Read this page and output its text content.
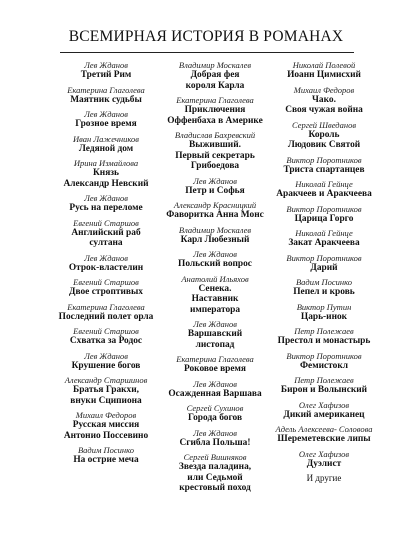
ВСЕМИРНАЯ ИСТОРИЯ В РОМАНАХ
Лев Жданов
Третий Рим
Екатерина Глаголева
Маятник судьбы
Лев Жданов
Грозное время
Иван Лажечников
Ледяной дом
Ирина Измайлова
Князь
Александр Невский
Лев Жданов
Русь на переломе
Евгений Старшов
Английский раб
султана
Лев Жданов
Отрок-властелин
Евгений Старшов
Двое строптивых
Екатерина Глаголева
Последний полет орла
Евгений Старшов
Схватка за Родос
Лев Жданов
Крушение богов
Александр Старшинов
Братья Гракхи,
внуки Сципиона
Михаил Федоров
Русская миссия
Антонио Поссевино
Вадим Посинко
На острие меча
Владимир Москалев
Добрая фея
короля Карла
Екатерина Глаголева
Приключения
Оффенбаха в Америке
Владислав Бахревский
Выживший.
Первый секретарь
Грибоедова
Лев Жданов
Петр и Софья
Александр Красницкий
Фаворитка Анна Монс
Владимир Москалев
Карл Любезный
Лев Жданов
Польский вопрос
Анатолий Ильяхов
Сенека.
Наставник
императора
Лев Жданов
Варшавский
листопад
Екатерина Глаголева
Роковое время
Лев Жданов
Осажденная Варшава
Сергей Сухинов
Города богов
Лев Жданов
Сгибла Польша!
Сергей Вишняков
Звезда паладина,
или Седьмой
крестовый поход
Николай Полевой
Иоанн Цимисхий
Михаил Федоров
Чако.
Своя чужая война
Сергей Шведанов
Король
Людовик Святой
Виктор Поротников
Тристa спартанцев
Николай Гейнце
Аракчеев и Аракчеева
Виктор Поротников
Царица Горго
Николай Гейнце
Закат Аракчеева
Виктор Поротников
Дарий
Вадим Посинко
Пепел и кровь
Виктор Путин
Царь-инок
Петр Полежаев
Престол и монастырь
Виктор Поротников
Фемистокл
Петр Полежаев
Бирон и Волынский
Олег Хафизов
Дикий американец
Адель Алексеева- Соловова
Шереметевские липы
Олег Хафизов
Дуэлист
И другие
